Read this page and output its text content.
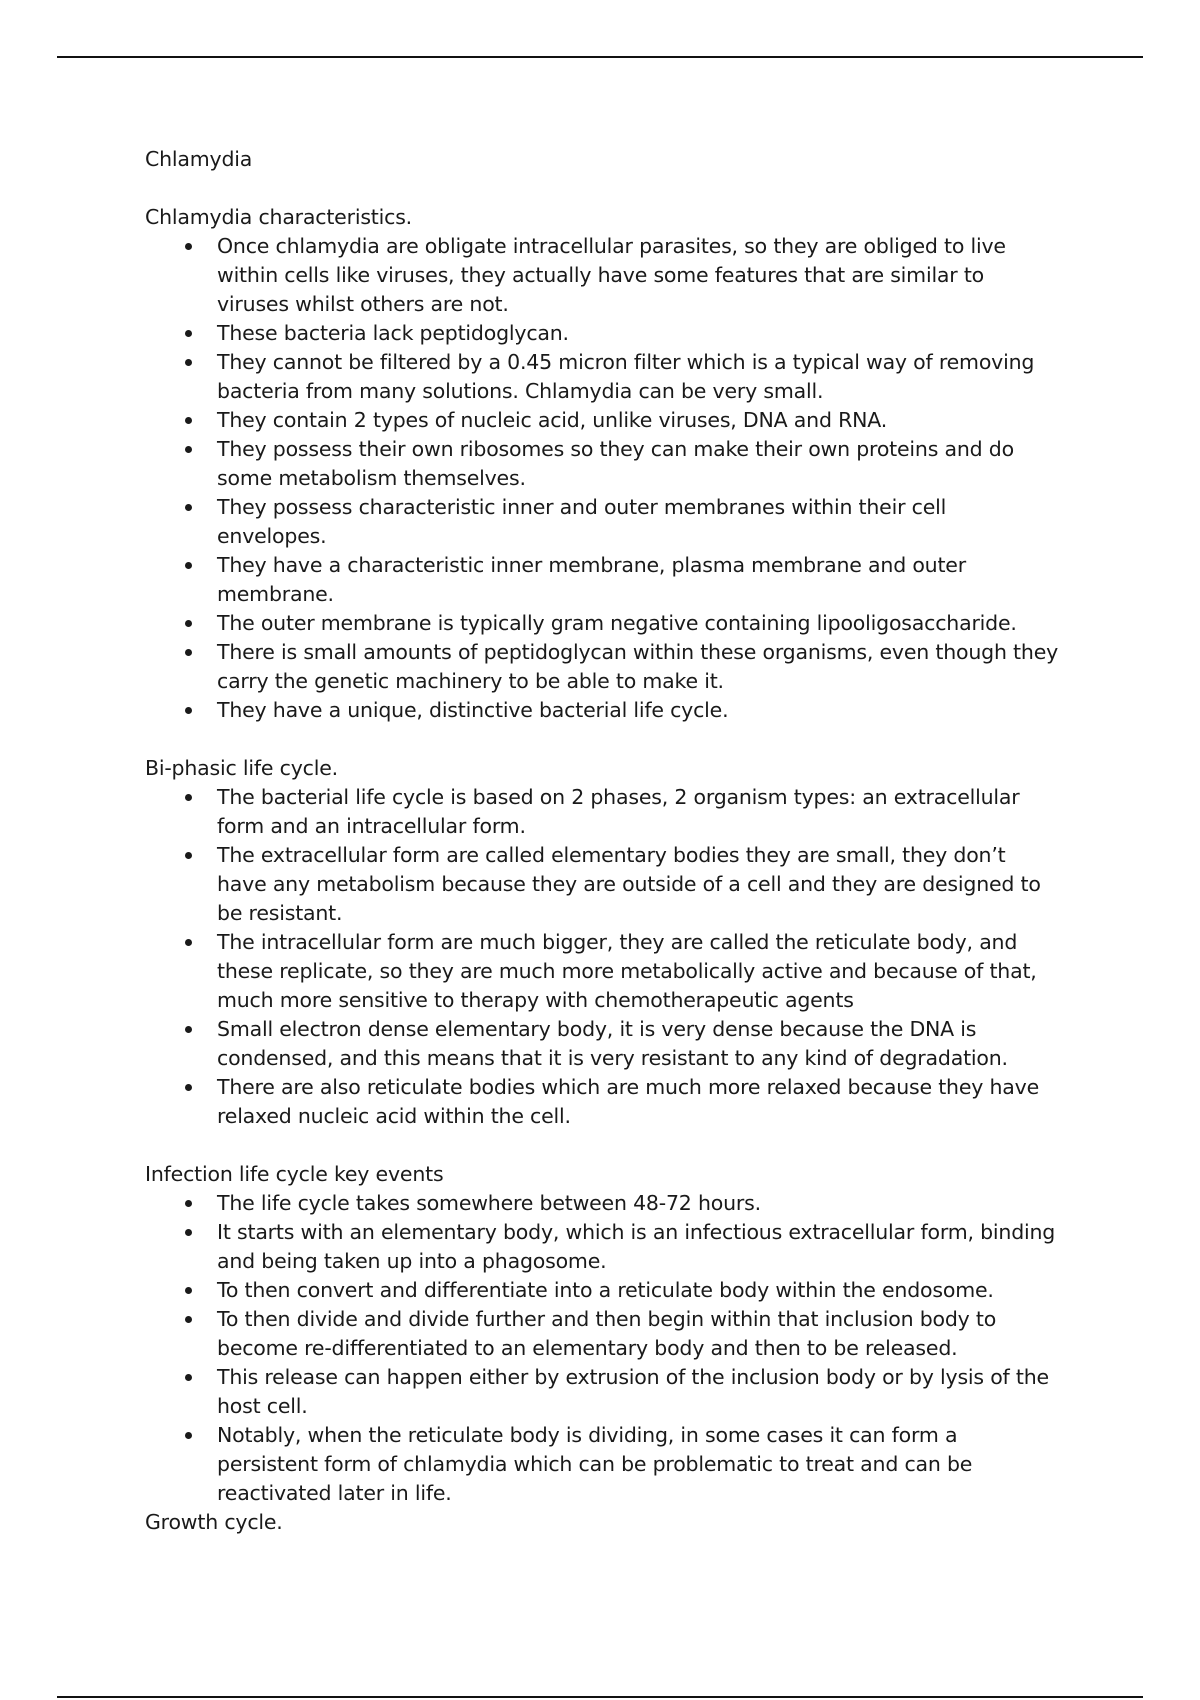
Chlamydia

Chlamydia characteristics.

Once chlamydia are obligate intracellular parasites, so they are obliged to live within cells like viruses, they actually have some features that are similar to viruses whilst others are not.
These bacteria lack peptidoglycan.
They cannot be filtered by a 0.45 micron filter which is a typical way of removing bacteria from many solutions. Chlamydia can be very small.
They contain 2 types of nucleic acid, unlike viruses, DNA and RNA.
They possess their own ribosomes so they can make their own proteins and do some metabolism themselves.
They possess characteristic inner and outer membranes within their cell envelopes.
They have a characteristic inner membrane, plasma membrane and outer membrane.
The outer membrane is typically gram negative containing lipooligosaccharide.
There is small amounts of peptidoglycan within these organisms, even though they carry the genetic machinery to be able to make it.
They have a unique, distinctive bacterial life cycle.

Bi-phasic life cycle.

The bacterial life cycle is based on 2 phases, 2 organism types: an extracellular form and an intracellular form.
The extracellular form are called elementary bodies they are small, they don’t have any metabolism because they are outside of a cell and they are designed to be resistant.
The intracellular form are much bigger, they are called the reticulate body, and these replicate, so they are much more metabolically active and because of that, much more sensitive to therapy with chemotherapeutic agents
Small electron dense elementary body, it is very dense because the DNA is condensed, and this means that it is very resistant to any kind of degradation.
There are also reticulate bodies which are much more relaxed because they have relaxed nucleic acid within the cell.

Infection life cycle key events

The life cycle takes somewhere between 48-72 hours.
It starts with an elementary body, which is an infectious extracellular form, binding and being taken up into a phagosome.
To then convert and differentiate into a reticulate body within the endosome.
To then divide and divide further and then begin within that inclusion body to become re-differentiated to an elementary body and then to be released.
This release can happen either by extrusion of the inclusion body or by lysis of the host cell.
Notably, when the reticulate body is dividing, in some cases it can form a persistent form of chlamydia which can be problematic to treat and can be reactivated later in life.

Growth cycle.
